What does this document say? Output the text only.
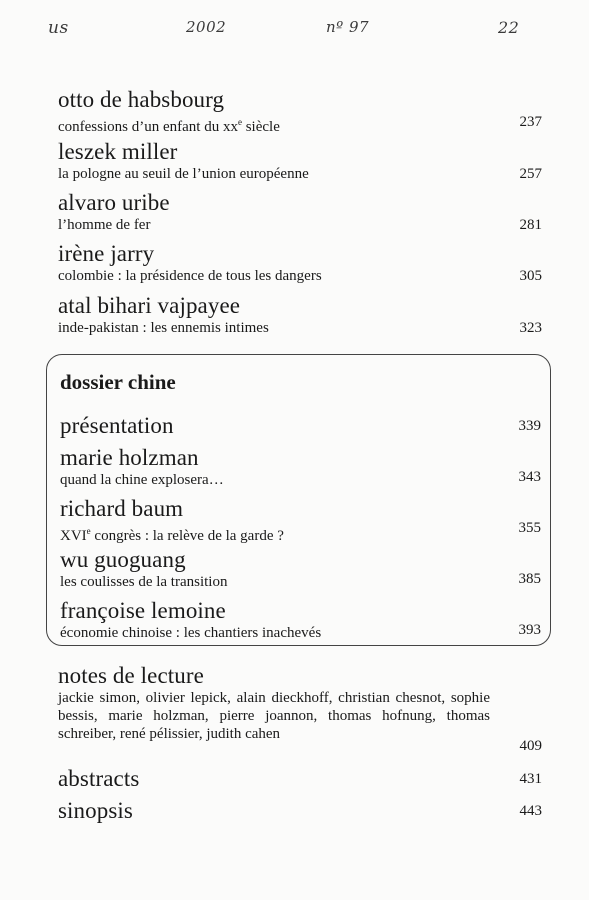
us	2002	nº 97	22
otto de habsbourg
confessions d’un enfant du $xx^e$ siècle	237
leszek miller
la pologne au seuil de l’union européenne	257
alvaro uribe
l’homme de fer	281
irène jarry
colombie : la présidence de tous les dangers	305
atal bihari vajpayee
inde-pakistan : les ennemis intimes	323
dossier chine
présentation	339
marie holzman
quand la chine explosera…	343
richard baum
XVIe congrès : la relève de la garde ?	355
wu guoguang
les coulisses de la transition	385
françoise lemoine
économie chinoise : les chantiers inachevés	393
notes de lecture
jackie simon, olivier lepick, alain dieckhoff, christian chesnot, sophie bessis, marie holzman, pierre joannon, thomas hofnung, thomas schreiber, rené pélissier, judith cahen
409
abstracts	431
sinopsis	443
